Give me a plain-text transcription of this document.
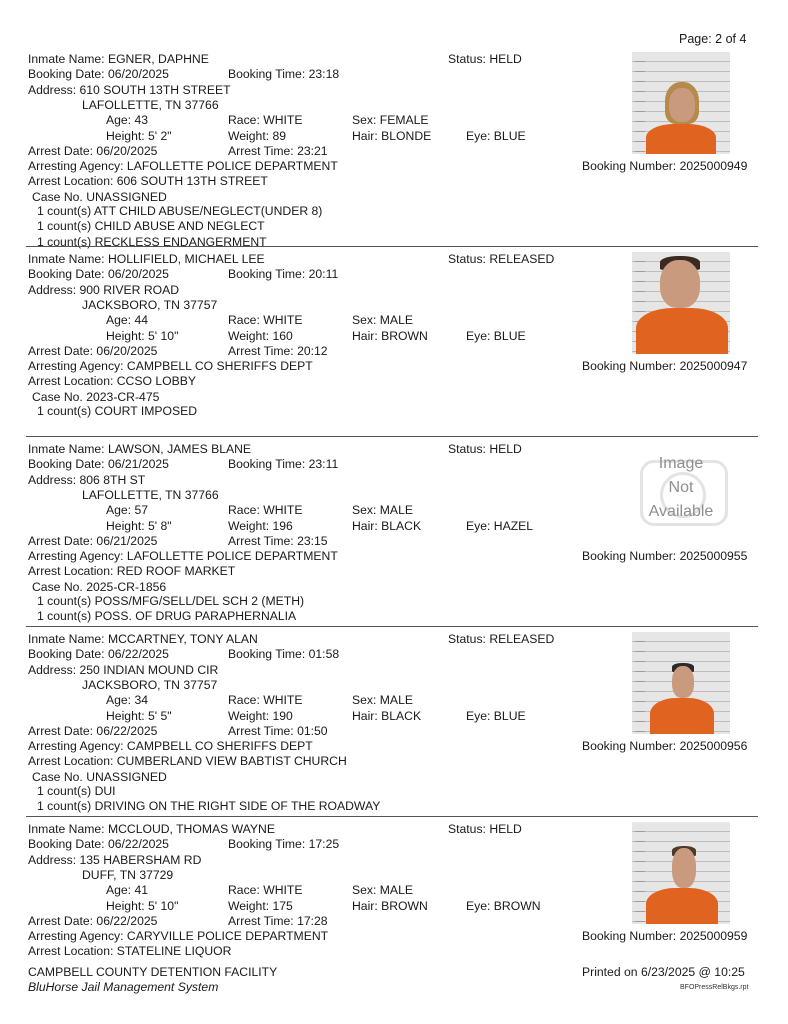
Page: 2 of 4
Inmate Name: EGNER, DAPHNE	Status: HELD
Booking Date: 06/20/2025	Booking Time: 23:18
Address: 610 SOUTH 13TH STREET
LAFOLLETTE, TN 37766
Age: 43	Race: WHITE	Sex: FEMALE
Height: 5' 2"	Weight: 89	Hair: BLONDE	Eye: BLUE
Arrest Date: 06/20/2025	Arrest Time: 23:21
Arresting Agency: LAFOLLETTE POLICE DEPARTMENT	Booking Number: 2025000949
Arrest Location: 606 SOUTH 13TH STREET
Case No. UNASSIGNED
1 count(s) ATT CHILD ABUSE/NEGLECT(UNDER 8)
1 count(s) CHILD ABUSE AND NEGLECT
1 count(s) RECKLESS ENDANGERMENT
Inmate Name: HOLLIFIELD, MICHAEL LEE	Status: RELEASED
Booking Date: 06/20/2025	Booking Time: 20:11
Address: 900 RIVER ROAD
JACKSBORO, TN 37757
Age: 44	Race: WHITE	Sex: MALE
Height: 5' 10"	Weight: 160	Hair: BROWN	Eye: BLUE
Arrest Date: 06/20/2025	Arrest Time: 20:12
Arresting Agency: CAMPBELL CO SHERIFFS DEPT	Booking Number: 2025000947
Arrest Location: CCSO LOBBY
Case No. 2023-CR-475
1 count(s) COURT IMPOSED
Inmate Name: LAWSON, JAMES BLANE	Status: HELD
Booking Date: 06/21/2025	Booking Time: 23:11
Address: 806 8TH ST
LAFOLLETTE, TN 37766
Age: 57	Race: WHITE	Sex: MALE
Height: 5' 8"	Weight: 196	Hair: BLACK	Eye: HAZEL
Arrest Date: 06/21/2025	Arrest Time: 23:15
Arresting Agency: LAFOLLETTE POLICE DEPARTMENT	Booking Number: 2025000955
Arrest Location: RED ROOF MARKET
Case No. 2025-CR-1856
1 count(s) POSS/MFG/SELL/DEL SCH 2 (METH)
1 count(s) POSS. OF DRUG PARAPHERNALIA
Image
Not
Available
Inmate Name: MCCARTNEY, TONY ALAN	Status: RELEASED
Booking Date: 06/22/2025	Booking Time: 01:58
Address: 250 INDIAN MOUND CIR
JACKSBORO, TN 37757
Age: 34	Race: WHITE	Sex: MALE
Height: 5' 5"	Weight: 190	Hair: BLACK	Eye: BLUE
Arrest Date: 06/22/2025	Arrest Time: 01:50
Arresting Agency: CAMPBELL CO SHERIFFS DEPT	Booking Number: 2025000956
Arrest Location: CUMBERLAND VIEW BABTIST CHURCH
Case No. UNASSIGNED
1 count(s) DUI
1 count(s) DRIVING ON THE RIGHT SIDE OF THE ROADWAY
Inmate Name: MCCLOUD, THOMAS WAYNE	Status: HELD
Booking Date: 06/22/2025	Booking Time: 17:25
Address: 135 HABERSHAM RD
DUFF, TN 37729
Age: 41	Race: WHITE	Sex: MALE
Height: 5' 10"	Weight: 175	Hair: BROWN	Eye: BROWN
Arrest Date: 06/22/2025	Arrest Time: 17:28
Arresting Agency: CARYVILLE POLICE DEPARTMENT	Booking Number: 2025000959
Arrest Location: STATELINE LIQUOR
CAMPBELL COUNTY DETENTION FACILITY
BluHorse Jail Management System
Printed on 6/23/2025 @ 10:25
BFOPressRelBkgs.rpt
